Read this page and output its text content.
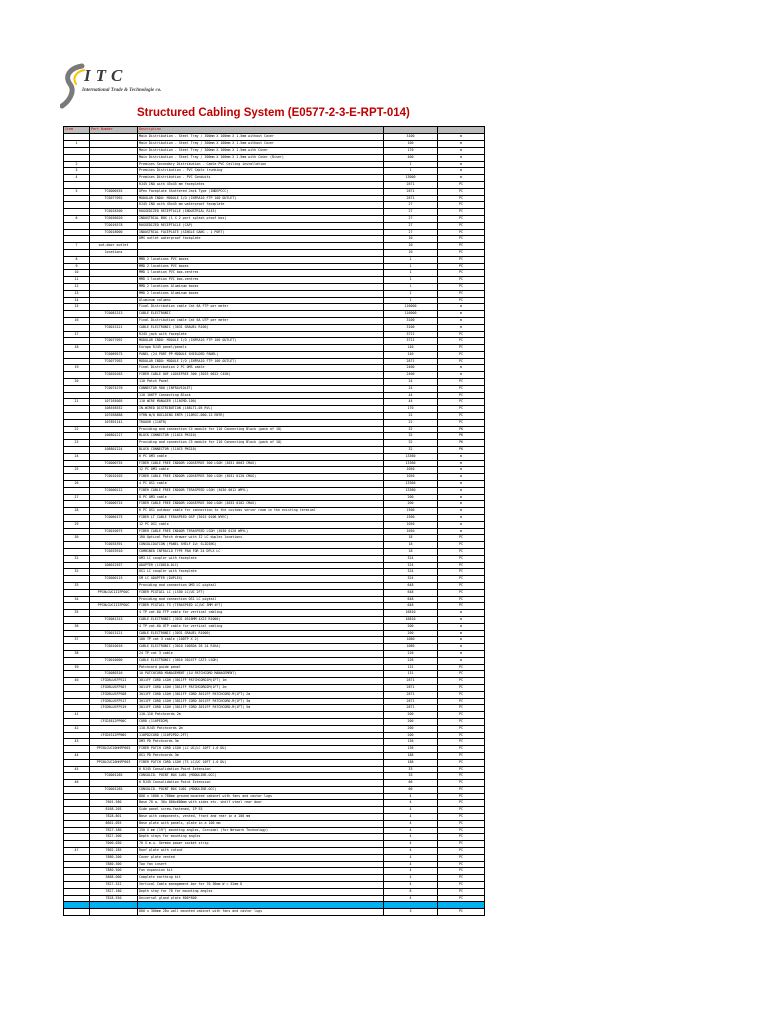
ITC
International Trade & Technologie co.
Structured Cabling System (E0577-2-3-E-RPT-014)
Item	Part Number	Description		
		Main Distribution - Steel Tray / 300mm X 100mm X 1.5mm without Cover	3100	m
1		Main Distribution - Steel Tray / 300mm X 100mm X 1.5mm without Cover	100	m
		Main Distribution - Steel Tray / 300mm X 100mm X 1.5mm with Cover	170	m
		Main Distribution - Steel Tray / 300mm X 100mm X 1.5mm with Cover (Riser)	400	m
2		Premises Secondary Distribution - Cable PVC Ceiling installation	1	m
3		Premises Distribution - PVC Cable trunking	1	m
4		Premises Distribution - PVC Conduits	13000	m
		RJ45 INO with 45x45 mm faceplates	2871	PC
5	TC0000555	OPen Faceplate Shuttered Jack Type (INDEPCCC)	2871	PC
	TC0077092	MODULAR INDO: MODULE I/O (INFRA10 FTP 100 OUTLET)	2871	PC
		RJ45 INO with 45x45 mm waterproof faceplate	27	PC
	TC0018300	RUGGEDIZED RECEPTACLE (INDUSTRIAL RJ45)	27	PC
6	TC0036020	INDUSTRIAL BOX (1 X 2 port splash proof box)	27	PC
	TC0016578	RUGGEDIZED RECEPTACLE (CAP)	27	PC
	TC0018000	INDUSTRIAL FACEPLATE (SINGLE GANG - 1 PORT)	27	PC
		OMS outlet waterproof faceplate	10	PC
7	out-door outlet		10	PC
	locations		10	PC
8		MMD 2 locations PVC boxes	1	PC
9		MMD 2 locations PVC boxes	1	PC
10		MMD 1 location PVC box-centres	1	PC
11		MMD 1 location PVC box-centres	1	PC
12		MMD 2 locations Aluminum boxes	1	PC
13		MMD 2 locations Aluminum boxes	1	PC
14		Aluminum columns	1	PC
15		Final Distribution cable Cat 6A FTP per meter	116000	m
	TC0081313	CABLE ELECTRONIC	116000	m
16		Final Distribution cable Cat 6A UTP per meter	3100	m
	TC0013121	CABLE ELECTRONIC (3031 GRAUEL R100)	3100	m
17		RJ45 jack with faceplate	3721	PC
	TC0077092	MODULAR INDO: MODULE I/O (INFRA10 FTP 100 OUTLET)	3721	PC
18		Europa RJ45 panel/panels	140	PC
	TC0069575	PANEL (24 PORT PP MODULE SHIELDED PANEL)	140	PC
	TC0077092	MODULAR INDO: MODULE I/O (INFRA10 FTP 100 OUTLET)	2871	PC
19		Final Distribution 2 PC OMS cable	2400	m
	TC0020163	FIBER CABLE OOF LOOSEFREE 300 (3033 0612 C4SN)	2400	m
20		110 Patch Panel	24	PC
	TC0074276	CONNECTOR 900 (INFRAVIOLET)	24	PC
		110 100TP Connecting Block	44	PC
21	107165005	110 WIRE MANAGER (110CMD-100)	44	PC
	108558552	IN-WIRED DISTRIBUTION (188LT1-05 RVL)	170	PC
	107058888	VTRN W/O BUILDING ENTR (110RCC-000-13 ENTR)	22	PC
	107891141	TROUGH (110TR)	22	PC
22		Providing and connection C4 module for 110 Connecting Block (pack of 10)	32	PK
	106801217	BLOCK CONNECTOR (110C4 PKG10)	32	PK
23		Providing and connection C5 module for 110 Connecting Block (pack of 10)	32	PK
	108801224	BLOCK CONNECTOR (110C5 PKG10)	32	PK
24		6 PC OM3 cable	13360	m
	TC0000755	FIBER CABLE FREE INDOOR LOOSEFREE 300 LSOH (3031 0603 CMAG)	13360	m
25		12 PC OM3 cable	1050	m
	TC0010103	FIBER CABLE FREE INDOOR LOOSEFREE 300 LSOH (3031 0120 CMAG)	1050	m
26		4 PC OS1 cable	13360	m
	TC0000212	FIBER CABLE FREE INDOOR TERASPEED LSOH (3030 0012 WMYL)	13360	m
27		8 PC OM3 cable	200	m
	TC0000715	FIBER CABLE FREE INDOOR LOOSEFREE 300 LSOH (3033 0102 CMAG)	200	m
28		6 PC OS1 outdoor cable for connection to the customs server room in the existing terminal	1500	m
	TC0060175	FIBER LT CABLE TERASPEED OSP (3015 0106 WYEC)	1500	m
29		12 PC OS1 cable	1050	m
	TC0010075	FIBER CABLE FREE INDOOR TERASPEED LSOH (3030 0120 WMYL)	1050	m
30		1RU Optical Patch drawer with 12 LC duplex locations	18	PC
	TC0035391	CONSOLIDATION (PANEL SHELF 1U: SLIDING)	18	PC
	TC0033910	COMBINED INFRACLO TYPE PAN FOR 24 DPLX LC	18	PC
31		OM3 LC coupler with faceplate	324	PC
	108012557	ADAPTER (LC0010-DLC)	324	PC
32		OS1 LC coupler with faceplate	324	PC
	TC0000115	SM LC ADAPTER (DUPLEX)	324	PC
33		Providing and connection OM3 LC pigtail	648	PC
	PPCNLCUC1IIFPOOC	FIBER PIGTAIL LC (LS50 LC/UC 2FT)	648	PC
34		Providing and connection OS1 LC pigtail	648	PC
	PPCNLCUC1IIFPOOC	FIBER PIGTAIL TS (TERASPEED LC/UC 3MM 4FT)	648	PC
35		4 TP cat.6A FTP cable for vertical cabling	16810	m
	TC0081313	CABLE ELECTRONIC (3031 0516MM 4X23 R1000)	16810	m
36		4 TP cat.6A UTP cable for vertical cabling	200	m
	TC0013121	CABLE ELECTRONIC (3031 GRAUEL R1000)	200	m
37		100 TP cat 3 cable (100TP X 2)	1080	m
	TC0010016	CABLE ELECTRONIC (3010 1005DA 26 24 R1KA)	1080	m
38		24 TP cat 3 cable	226	m
	TC0010000	CABLE ELECTRONIC (3010 3024TF CAT3 LSOH)	226	m
39		Patchcord guide panel	131	PC
	TC0080316	1U PATCHCORD MANAGEMENT (1U PATCHCORD MANAGEMENT)	131	PC
40	CFCDBLUSFPS1I	3011FF CORD LSOH (3011FF PATCHCORD1M(1FT) 1m	2871	PC
	CFCDBLUSFPS07	3011FF CORD LSOH (3011FF PATCHCORD2M(1FT) 2m	2871	PC
	CFCDBLUSFPS08	3011FF CORD LSOH (3011FF CORD 3011FF PATCHCORD-M(1FT) 2m	2871	PC
	CFCDBLUSFPS17	3011FF CORD LSOH (3011FF CORD 3011FF PATCHCORD-M(1FT) 3m	2871	PC
	CFCDBLUSFPS19	3011FF CORD LSOH (3011FF CORD 3011FF PATCHCORD-M(1FT) 5m	2871	PC
41		110-110 Patchcords 2m	200	PC
	CFCD3812PP00C	CORD (110PED2M)	200	PC
42		110-RJ45 Patchcords 2m	200	PC
	CFCD5312PP00S	110PD2CORD (110P2PD2-2FT)	200	PC
43		OM3 PD Patchcords 3m	136	PC
	PPCNLCUC20HHFP003	FIBER PATCH CORD LSOH (LC UC/LC 10FT 1.0 DU)	136	PC
44		OS1 PD Patchcords 3m	188	PC
	PPCNLCUC20HHFP003	FIBER PATCH CORD LSOH (TS LC/UC 10FT 1.0 DU)	188	PC
45		6 RJ45 Consolidation Point Extension	33	PC
	TC0001285	CONSOLID. POINT BOX 1U01 (MODULINE-OCC)	33	PC
46		6 RJ45 Consolidation Point Extension	66	PC
	TC0001285	CONSOLID. POINT BOX 1U01 (MODULINE-OCC)	66	PC
		800 x 1800 x 700mm ground mounted cabinet with fans and castor lugs	4	PC
	7601.580	Base 70 a. 30u 800x600mm with sides etc. shelf steel rear door	4	PC
	8168.205	Side panel screw-fastened, IP 55	4	PC
	7828.801	Base with components, vented, front and rear in a 100 mm	4	PC
	8601.055	Base plate with panels, plate in a 100 mm	4	PC
	7827.180	150 X mm (19") mounting angles, Cornidol (for Network Technology)	4	PC
	7827.300	Depth stays for mounting angles	4	PC
	7000.030	70 X m.u. German power socket strip	4	PC
47	7802.185	Roof plate with cutout	4	PC
	7880.200	Cover plate vented	4	PC
	7880.300	Two fan insert	4	PC
	7880.500	Fan expansion kit	4	PC
	3868.000	Complete earthing kit	4	PC
	7827.322	Vertical Cable management bar for 70 36mm W = 32mm D	4	PC
	7827.180	Depth stay for 70 for mounting angles	8	PC
	7828.550	Universal gland plate 800*800	4	PC

		800 x 300mm 28u wall mounted cabinet with fans and castor lugs	3	PC
